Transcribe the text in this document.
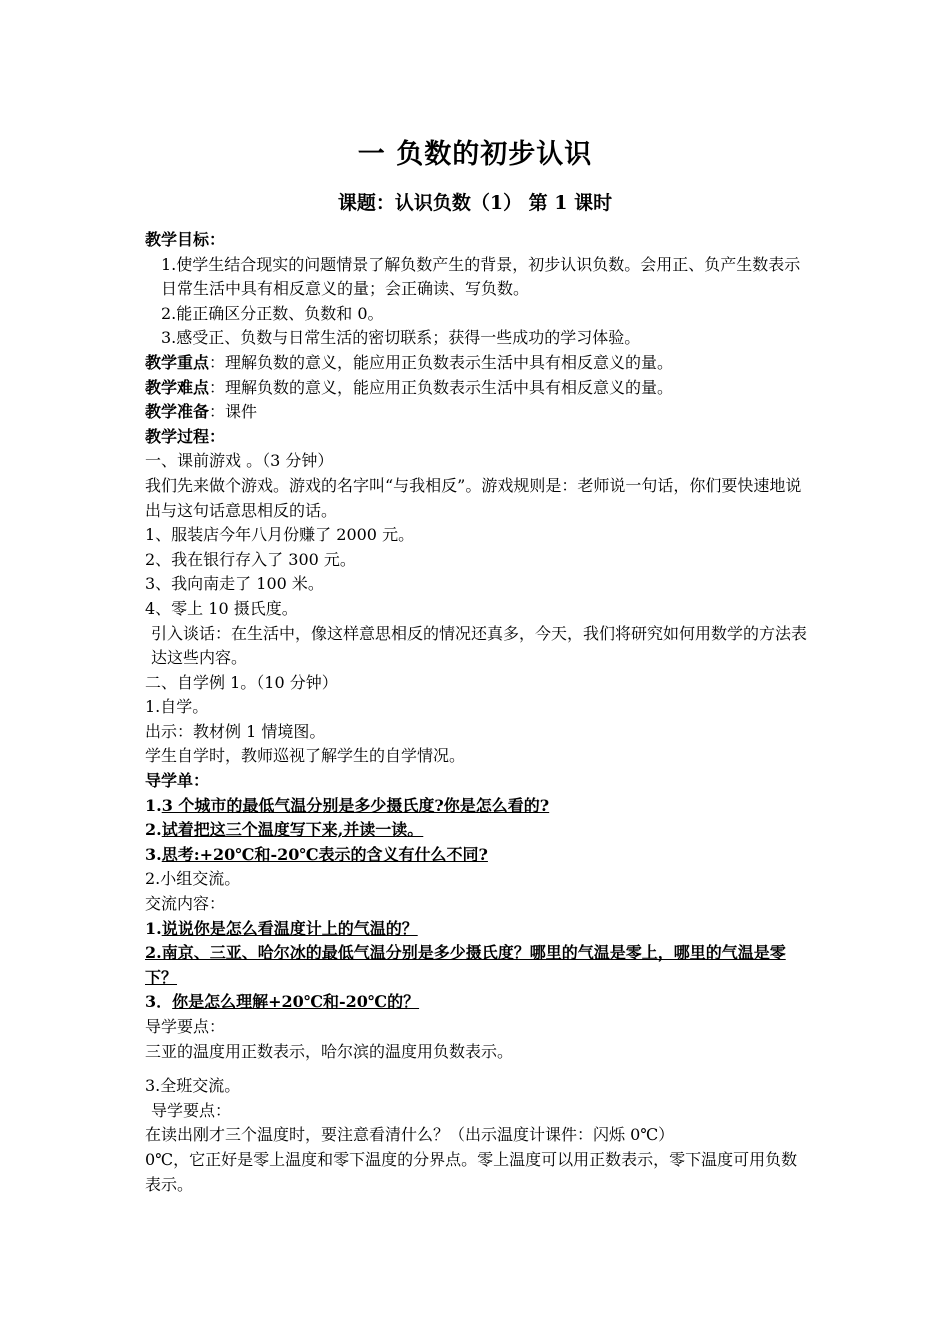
一 负数的初步认识
课题：认识负数（1） 第 1 课时
教学目标：
1.使学生结合现实的问题情景了解负数产生的背景，初步认识负数。会用正、负产生数表示日常生活中具有相反意义的量；会正确读、写负数。
2.能正确区分正数、负数和 0。
3.感受正、负数与日常生活的密切联系；获得一些成功的学习体验。
教学重点：理解负数的意义，能应用正负数表示生活中具有相反意义的量。
教学难点：理解负数的意义，能应用正负数表示生活中具有相反意义的量。
教学准备：课件
教学过程：
一、课前游戏 。（3 分钟）
我们先来做个游戏。游戏的名字叫“与我相反”。游戏规则是：老师说一句话，你们要快速地说出与这句话意思相反的话。
1、服装店今年八月份赚了 2000 元。
2、我在银行存入了 300 元。
3、我向南走了 100 米。
4、零上 10 摄氏度。
引入谈话：在生活中，像这样意思相反的情况还真多，今天，我们将研究如何用数学的方法表达这些内容。
二、自学例 1。（10 分钟）
1.自学。
出示：教材例 1 情境图。
学生自学时，教师巡视了解学生的自学情况。
导学单：
1.3 个城市的最低气温分别是多少摄氏度?你是怎么看的?
2.试着把这三个温度写下来,并读一读。
3.思考:+20℃和-20℃表示的含义有什么不同?
2.小组交流。
交流内容：
1.说说你是怎么看温度计上的气温的？
2.南京、三亚、哈尔冰的最低气温分别是多少摄氏度？哪里的气温是零上，哪里的气温是零下？
3．你是怎么理解+20℃和-20℃的？
导学要点：
三亚的温度用正数表示，哈尔滨的温度用负数表示。
3.全班交流。
导学要点：
在读出刚才三个温度时，要注意看清什么？（出示温度计课件：闪烁 0℃）
0℃，它正好是零上温度和零下温度的分界点。零上温度可以用正数表示，零下温度可用负数表示。
